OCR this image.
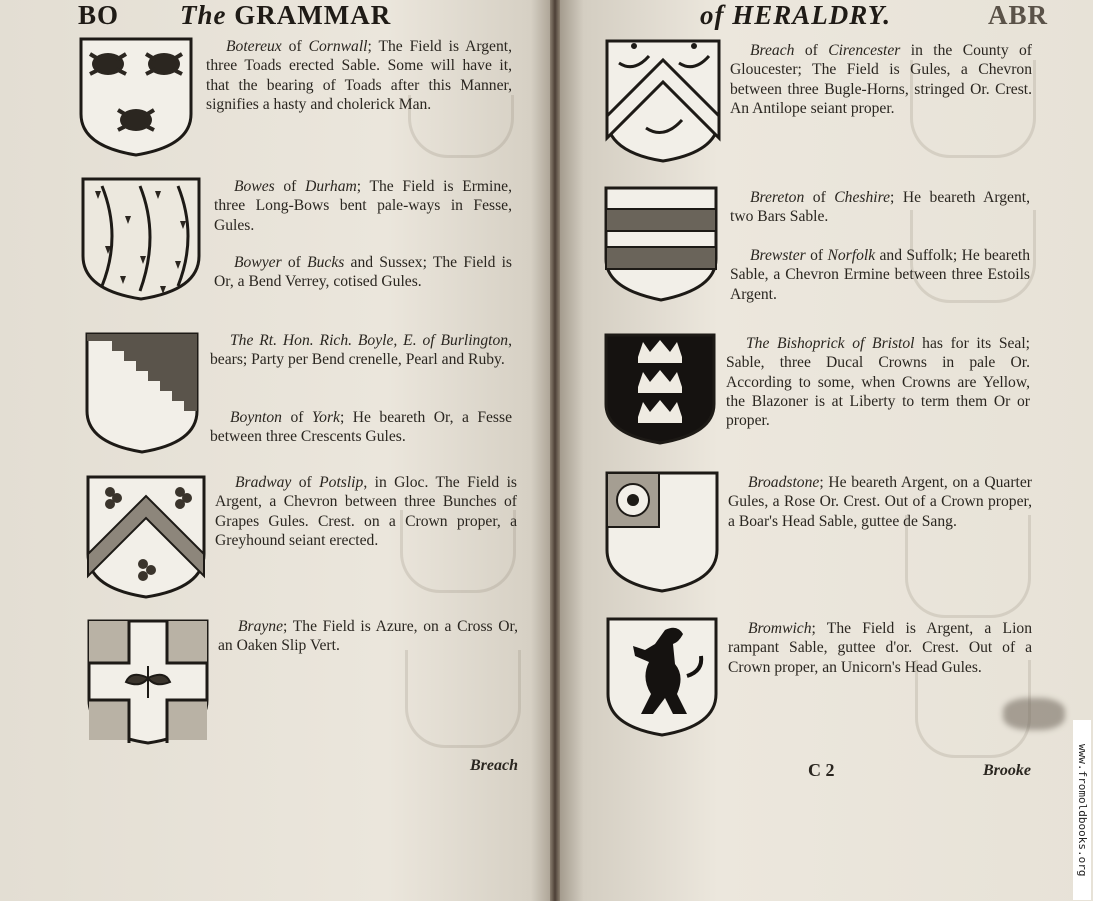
BO The GRAMMAR	of HERALDRY.	ABR

Botereux of Cornwall; The Field is Argent, three Toads erected Sable. Some will have it, that the bearing of Toads after this Manner, signifies a hasty and cholerick Man.

Bowes of Durham; The Field is Ermine, three Long-Bows bent pale-ways in Fesse, Gules.

Bowyer of Bucks and Sussex; The Field is Or, a Bend Verrey, cotised Gules.

The Rt. Hon. Rich. Boyle, E. of Burlington, bears; Party per Bend crenelle, Pearl and Ruby.

Boynton of York; He beareth Or, a Fesse between three Crescents Gules.

Bradway of Potslip, in Gloc. The Field is Argent, a Chevron between three Bunches of Grapes Gules. Crest. on a Crown proper, a Greyhound seiant erected.

Brayne; The Field is Azure, on a Cross Or, an Oaken Slip Vert.

Breach of Cirencester in the County of Gloucester; The Field is Gules, a Chevron between three Bugle-Horns, stringed Or. Crest. An Antilope seiant proper.

Brereton of Cheshire; He beareth Argent, two Bars Sable.

Brewster of Norfolk and Suffolk; He beareth Sable, a Chevron Ermine between three Estoils Argent.

The Bishoprick of Bristol has for its Seal; Sable, three Ducal Crowns in pale Or. According to some, when Crowns are Yellow, the Blazoner is at Liberty to term them Or or proper.

Broadstone; He beareth Argent, on a Quarter Gules, a Rose Or. Crest. Out of a Crown proper, a Boar's Head Sable, guttee de Sang.

Bromwich; The Field is Argent, a Lion rampant Sable, guttee d'or. Crest. Out of a Crown proper, an Unicorn's Head Gules.

Breach	C 2	Brooke	www.fromoldbooks.org
